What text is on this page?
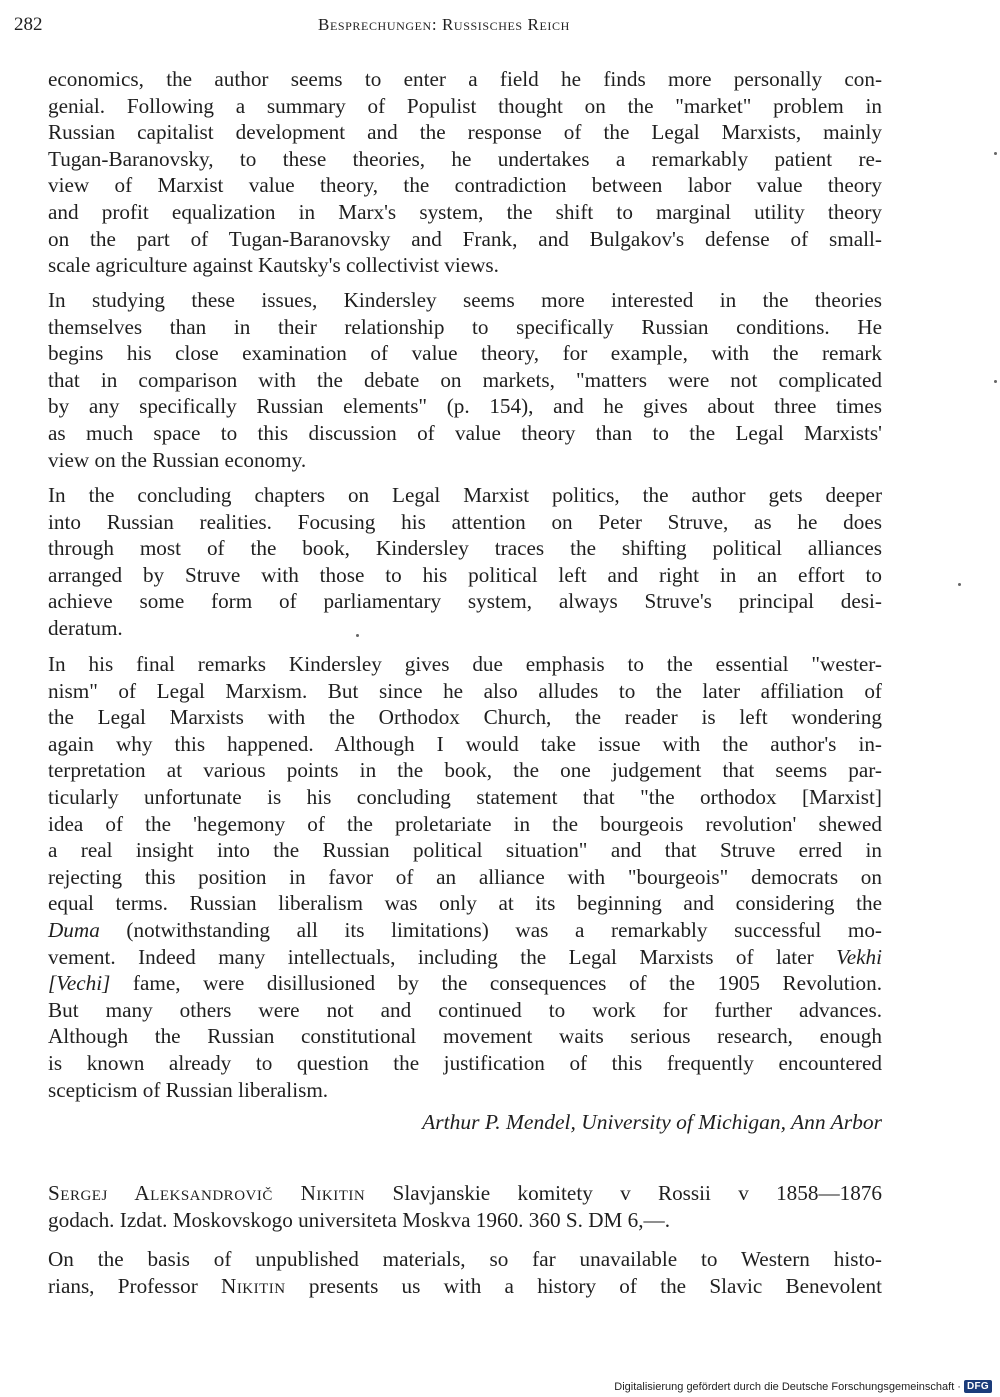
282	Besprechungen: Russisches Reich
economics, the author seems to enter a field he finds more personally con-
genial. Following a summary of Populist thought on the "market" problem in
Russian capitalist development and the response of the Legal Marxists, mainly
Tugan-Baranovsky, to these theories, he undertakes a remarkably patient re-
view of Marxist value theory, the contradiction between labor value theory
and profit equalization in Marx's system, the shift to marginal utility theory
on the part of Tugan-Baranovsky and Frank, and Bulgakov's defense of small-
scale agriculture against Kautsky's collectivist views.
In studying these issues, Kindersley seems more interested in the theories
themselves than in their relationship to specifically Russian conditions. He
begins his close examination of value theory, for example, with the remark
that in comparison with the debate on markets, "matters were not complicated
by any specifically Russian elements" (p. 154), and he gives about three times
as much space to this discussion of value theory than to the Legal Marxists'
view on the Russian economy.
In the concluding chapters on Legal Marxist politics, the author gets deeper
into Russian realities. Focusing his attention on Peter Struve, as he does
through most of the book, Kindersley traces the shifting political alliances
arranged by Struve with those to his political left and right in an effort to
achieve some form of parliamentary system, always Struve's principal desi-
deratum.
In his final remarks Kindersley gives due emphasis to the essential "wester-
nism" of Legal Marxism. But since he also alludes to the later affiliation of
the Legal Marxists with the Orthodox Church, the reader is left wondering
again why this happened. Although I would take issue with the author's in-
terpretation at various points in the book, the one judgement that seems par-
ticularly unfortunate is his concluding statement that "the orthodox [Marxist]
idea of the 'hegemony of the proletariate in the bourgeois revolution' shewed
a real insight into the Russian political situation" and that Struve erred in
rejecting this position in favor of an alliance with "bourgeois" democrats on
equal terms. Russian liberalism was only at its beginning and considering the
Duma (notwithstanding all its limitations) was a remarkably successful mo-
vement. Indeed many intellectuals, including the Legal Marxists of later Vekhi
[Vechi] fame, were disillusioned by the consequences of the 1905 Revolution.
But many others were not and continued to work for further advances.
Although the Russian constitutional movement waits serious research, enough
is known already to question the justification of this frequently encountered
scepticism of Russian liberalism.
Arthur P. Mendel, University of Michigan, Ann Arbor
Sergej Aleksandrovič Nikitin Slavjanskie komitety v Rossii v 1858—1876
godach. Izdat. Moskovskogo universiteta Moskva 1960. 360 S. DM 6,—.
On the basis of unpublished materials, so far unavailable to Western histo-
rians, Professor Nikitin presents us with a history of the Slavic Benevolent
Digitalisierung gefördert durch die Deutsche Forschungsgemeinschaft · DFG
